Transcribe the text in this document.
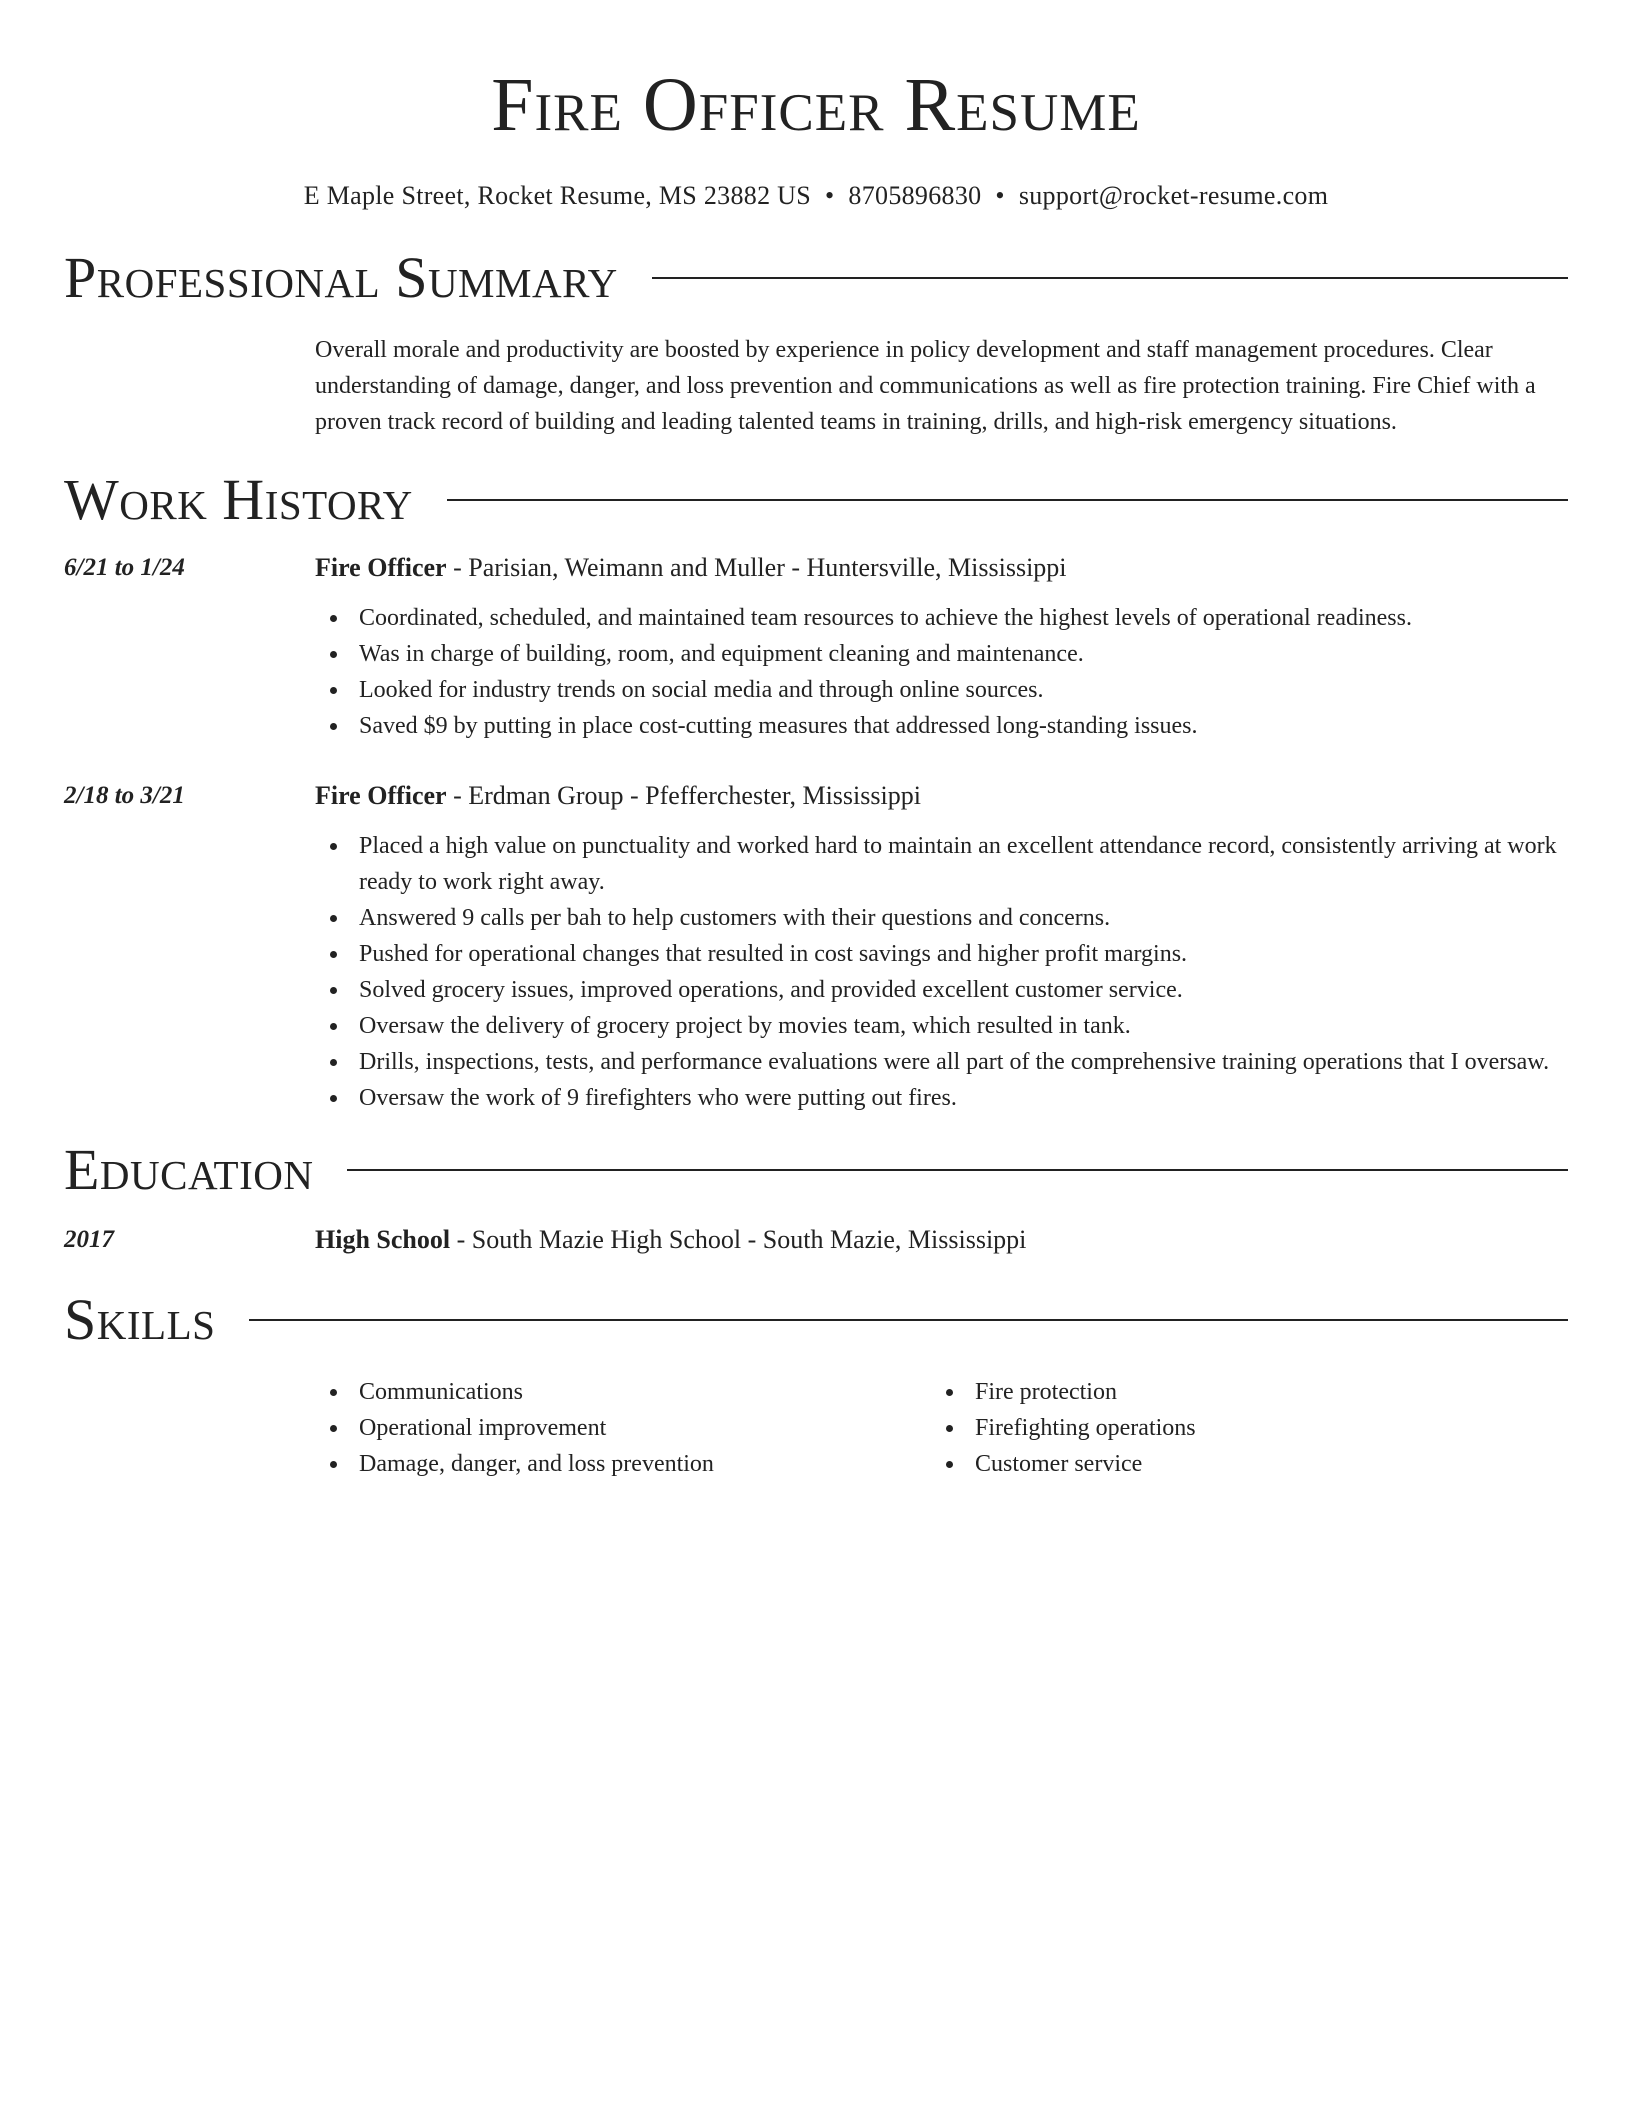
Fire Officer Resume
E Maple Street, Rocket Resume, MS 23882 US • 8705896830 • support@rocket-resume.com
Professional Summary
Overall morale and productivity are boosted by experience in policy development and staff management procedures. Clear understanding of damage, danger, and loss prevention and communications as well as fire protection training. Fire Chief with a proven track record of building and leading talented teams in training, drills, and high-risk emergency situations.
Work History
6/21 to 1/24	Fire Officer - Parisian, Weimann and Muller - Huntersville, Mississippi
Coordinated, scheduled, and maintained team resources to achieve the highest levels of operational readiness.
Was in charge of building, room, and equipment cleaning and maintenance.
Looked for industry trends on social media and through online sources.
Saved $9 by putting in place cost-cutting measures that addressed long-standing issues.
2/18 to 3/21	Fire Officer - Erdman Group - Pfefferchester, Mississippi
Placed a high value on punctuality and worked hard to maintain an excellent attendance record, consistently arriving at work ready to work right away.
Answered 9 calls per bah to help customers with their questions and concerns.
Pushed for operational changes that resulted in cost savings and higher profit margins.
Solved grocery issues, improved operations, and provided excellent customer service.
Oversaw the delivery of grocery project by movies team, which resulted in tank.
Drills, inspections, tests, and performance evaluations were all part of the comprehensive training operations that I oversaw.
Oversaw the work of 9 firefighters who were putting out fires.
Education
2017	High School - South Mazie High School - South Mazie, Mississippi
Skills
Communications
Operational improvement
Damage, danger, and loss prevention
Fire protection
Firefighting operations
Customer service
